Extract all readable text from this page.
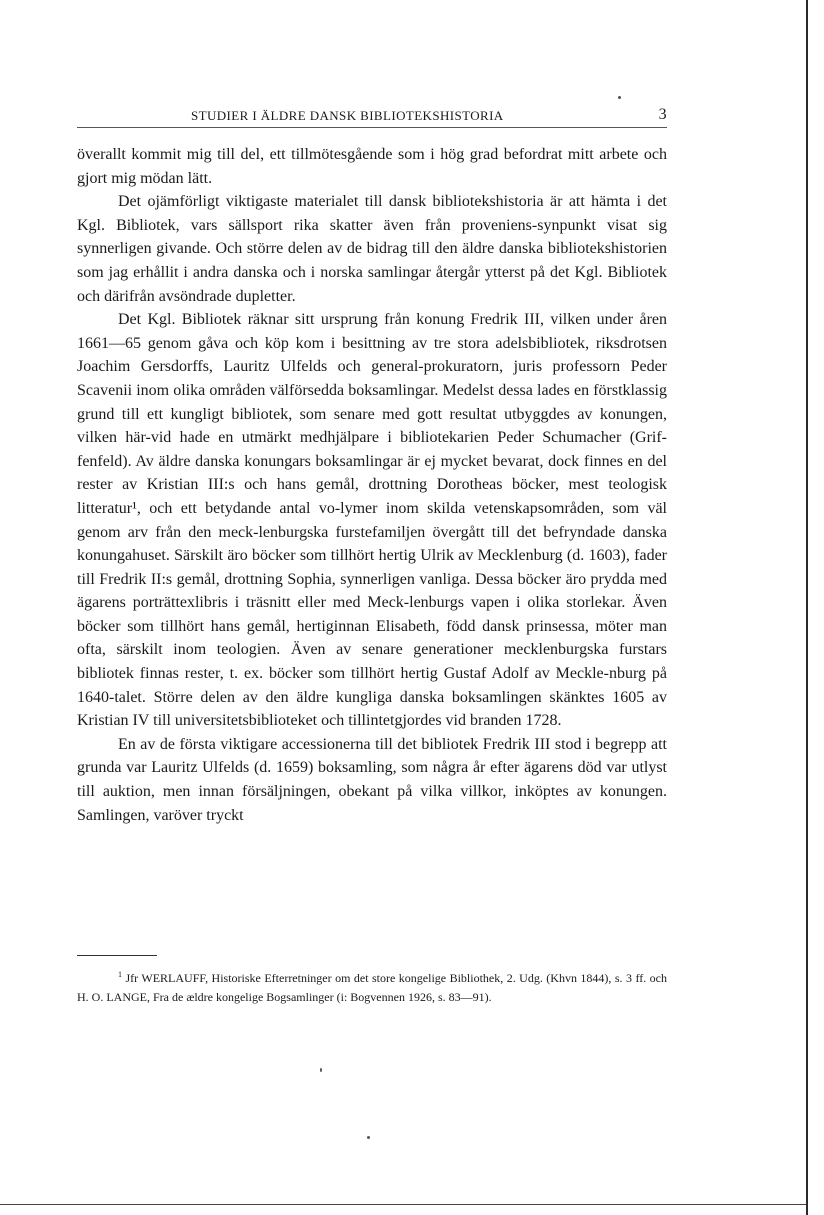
STUDIER I ÄLDRE DANSK BIBLIOTEKSHISTORIA	3

överallt kommit mig till del, ett tillmötesgående som i hög grad befordrat mitt arbete och gjort mig mödan lätt.

Det ojämförligt viktigaste materialet till dansk bibliotekshistoria är att hämta i det Kgl. Bibliotek, vars sällsport rika skatter även från proveniens-synpunkt visat sig synnerligen givande. Och större delen av de bidrag till den äldre danska bibliotekshistorien som jag erhållit i andra danska och i norska samlingar återgår ytterst på det Kgl. Bibliotek och därifrån avsöndrade dupletter.

Det Kgl. Bibliotek räknar sitt ursprung från konung Fredrik III, vilken under åren 1661—65 genom gåva och köp kom i besittning av tre stora adelsbibliotek, riksdrotsen Joachim Gersdorffs, Lauritz Ulfelds och general-prokuratorn, juris professorn Peder Scavenii inom olika områden välförsedda boksamlingar. Medelst dessa lades en förstklassig grund till ett kungligt bibliotek, som senare med gott resultat utbyggdes av konungen, vilken här-vid hade en utmärkt medhjälpare i bibliotekarien Peder Schumacher (Grif-fenfeld). Av äldre danska konungars boksamlingar är ej mycket bevarat, dock finnes en del rester av Kristian III:s och hans gemål, drottning Dorotheas böcker, mest teologisk litteratur¹, och ett betydande antal vo-lymer inom skilda vetenskapsområden, som väl genom arv från den meck-lenburgska furstefamiljen övergått till det befryndade danska konungahuset. Särskilt äro böcker som tillhört hertig Ulrik av Mecklenburg (d. 1603), fader till Fredrik II:s gemål, drottning Sophia, synnerligen vanliga. Dessa böcker äro prydda med ägarens porträttexlibris i träsnitt eller med Meck-lenburgs vapen i olika storlekar. Även böcker som tillhört hans gemål, hertiginnan Elisabeth, född dansk prinsessa, möter man ofta, särskilt inom teologien. Även av senare generationer mecklenburgska furstars bibliotek finnas rester, t. ex. böcker som tillhört hertig Gustaf Adolf av Meckle-nburg på 1640-talet. Större delen av den äldre kungliga danska boksamlingen skänktes 1605 av Kristian IV till universitetsbiblioteket och tillintetgjordes vid branden 1728.

En av de första viktigare accessionerna till det bibliotek Fredrik III stod i begrepp att grunda var Lauritz Ulfelds (d. 1659) boksamling, som några år efter ägarens död var utlyst till auktion, men innan försäljningen, obekant på vilka villkor, inköptes av konungen. Samlingen, varöver tryckt

$^1$ Jfr WERLAUFF, Historiske Efterretninger om det store kongelige Bibliothek, 2. Udg. (Khvn 1844), s. 3 ff. och H. O. LANGE, Fra de ældre kongelige Bogsamlinger (i: Bogvennen 1926, s. 83—91).
